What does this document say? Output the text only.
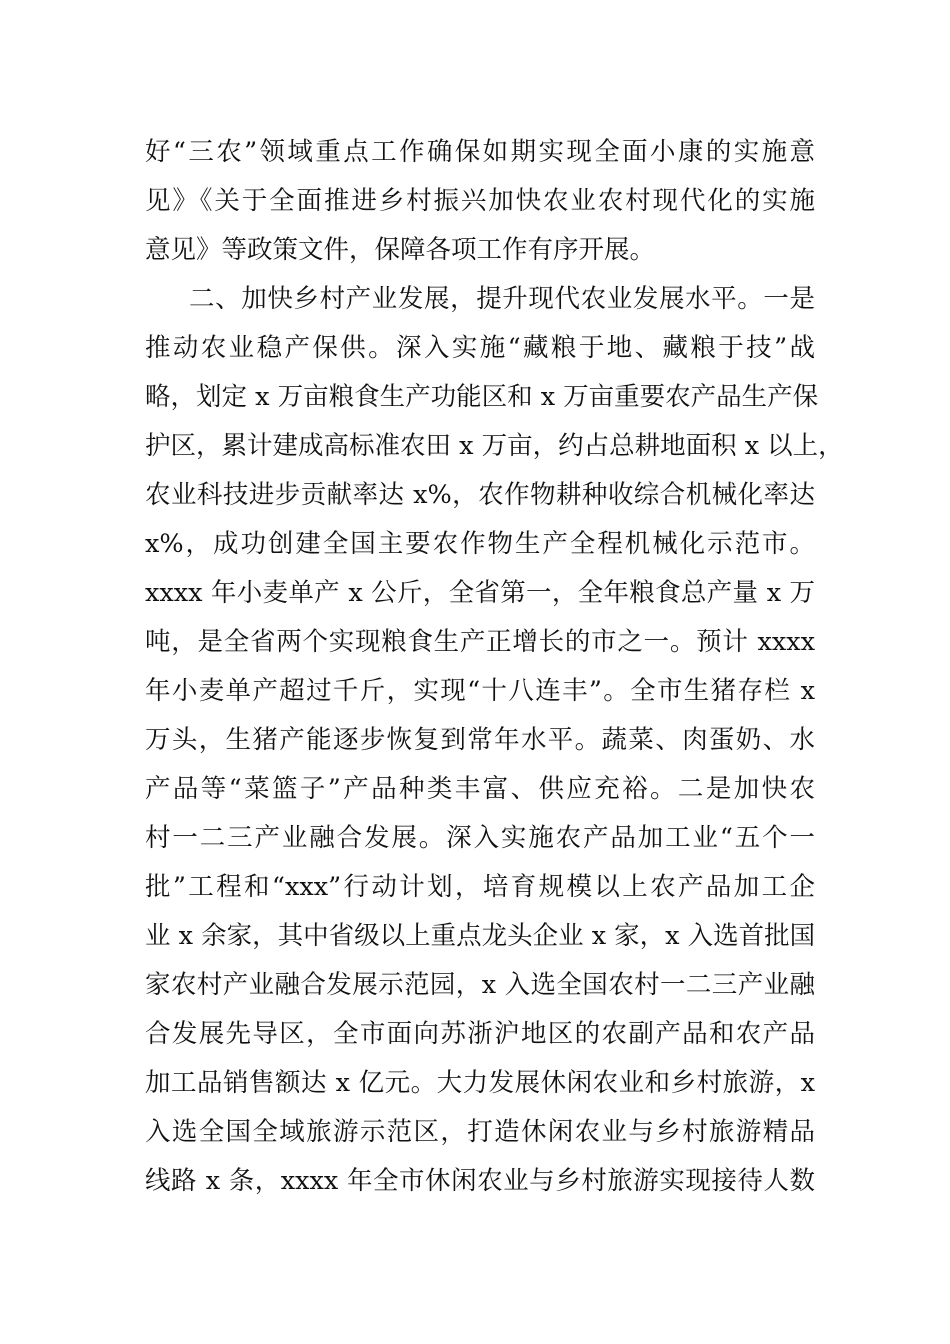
好“三农”领域重点工作确保如期实现全面小康的实施意
见》《关于全面推进乡村振兴加快农业农村现代化的实施
意见》等政策文件，保障各项工作有序开展。
二、加快乡村产业发展，提升现代农业发展水平。一是
推动农业稳产保供。深入实施“藏粮于地、藏粮于技”战
略，划定 x 万亩粮食生产功能区和 x 万亩重要农产品生产保
护区，累计建成高标准农田 x 万亩，约占总耕地面积 x 以上，
农业科技进步贡献率达 x%，农作物耕种收综合机械化率达
x%，成功创建全国主要农作物生产全程机械化示范市。
xxxx 年小麦单产 x 公斤，全省第一，全年粮食总产量 x 万
吨，是全省两个实现粮食生产正增长的市之一。预计 xxxx
年小麦单产超过千斤，实现“十八连丰”。全市生猪存栏 x
万头，生猪产能逐步恢复到常年水平。蔬菜、肉蛋奶、水
产品等“菜篮子”产品种类丰富、供应充裕。二是加快农
村一二三产业融合发展。深入实施农产品加工业“五个一
批”工程和“xxx”行动计划，培育规模以上农产品加工企
业 x 余家，其中省级以上重点龙头企业 x 家，x 入选首批国
家农村产业融合发展示范园，x 入选全国农村一二三产业融
合发展先导区，全市面向苏浙沪地区的农副产品和农产品
加工品销售额达 x 亿元。大力发展休闲农业和乡村旅游，x
入选全国全域旅游示范区，打造休闲农业与乡村旅游精品
线路 x 条，xxxx 年全市休闲农业与乡村旅游实现接待人数
